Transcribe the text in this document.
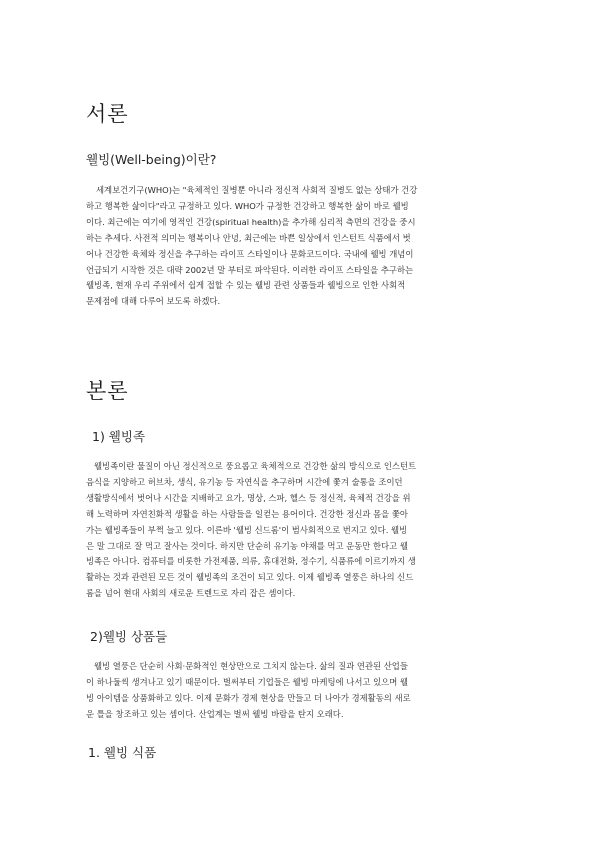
서론
웰빙(Well-being)이란?
세계보건기구(WHO)는 "육체적인 질병뿐 아니라 정신적 사회적 질병도 없는 상태가 건강
하고 행복한 삶이다"라고 규정하고 있다. WHO가 규정한 건강하고 행복한 삶이 바로 웰빙
이다. 최근에는 여기에 영적인 건강(spiritual health)을 추가해 심리적 측면의 건강을 중시
하는 추세다. 사전적 의미는 행복이나 안녕, 최근에는 바쁜 일상에서 인스턴트 식품에서 벗
어나 건강한 육체와 정신을 추구하는 라이프 스타일이나 문화코드이다. 국내에 웰빙 개념이
언급되기 시작한 것은 대략 2002년 말 부터로 파악된다. 이러한 라이프 스타일을 추구하는
웰빙족, 현재 우리 주위에서 쉽게 접할 수 있는 웰빙 관련 상품들과 웰빙으로 인한 사회적
문제점에 대해 다루어 보도록 하겠다.
본론
1) 웰빙족
웰빙족이란 물질이 아닌 정신적으로 풍요롭고 육체적으로 건강한 삶의 방식으로 인스턴트
음식을 지양하고 허브차, 생식, 유기농 등 자연식을 추구하며 시간에 쫓겨 술통을 조이던
생활방식에서 벗어나 시간을 지배하고 요가, 명상, 스파, 헬스 등 정신적, 육체적 건강을 위
해 노력하며 자연친화적 생활을 하는 사람들을 일컫는 용어이다. 건강한 정신과 몸을 쫓아
가는 웰빙족들이 부쩍 늘고 있다. 이른바 '웰빙 신드롬'이 범사회적으로 번지고 있다. 웰빙
은 말 그대로 잘 먹고 잘사는 것이다. 하지만 단순히 유기농 야채를 먹고 운동만 한다고 웰
빙족은 아니다. 컴퓨터를 비롯한 가전제품, 의류, 휴대전화, 정수기, 식품류에 이르기까지 생
활하는 것과 관련된 모든 것이 웰빙족의 조건이 되고 있다. 이제 웰빙족 열풍은 하나의 신드
롬을 넘어 현대 사회의 새로운 트렌드로 자리 잡은 셈이다.
2)웰빙 상품들
웰빙 열풍은 단순히 사회·문화적인 현상만으로 그치지 않는다. 삶의 질과 연관된 산업들
이 하나둘씩 생겨나고 있기 때문이다. 벌써부터 기업들은 웰빙 마케팅에 나서고 있으며 웰
빙 아이템을 상품화하고 있다. 이제 문화가 경제 현상을 만들고 더 나아가 경제활동의 새로
운 틀을 창조하고 있는 셈이다. 산업계는 벌써 웰빙 바람을 탄지 오래다.
1. 웰빙 식품
